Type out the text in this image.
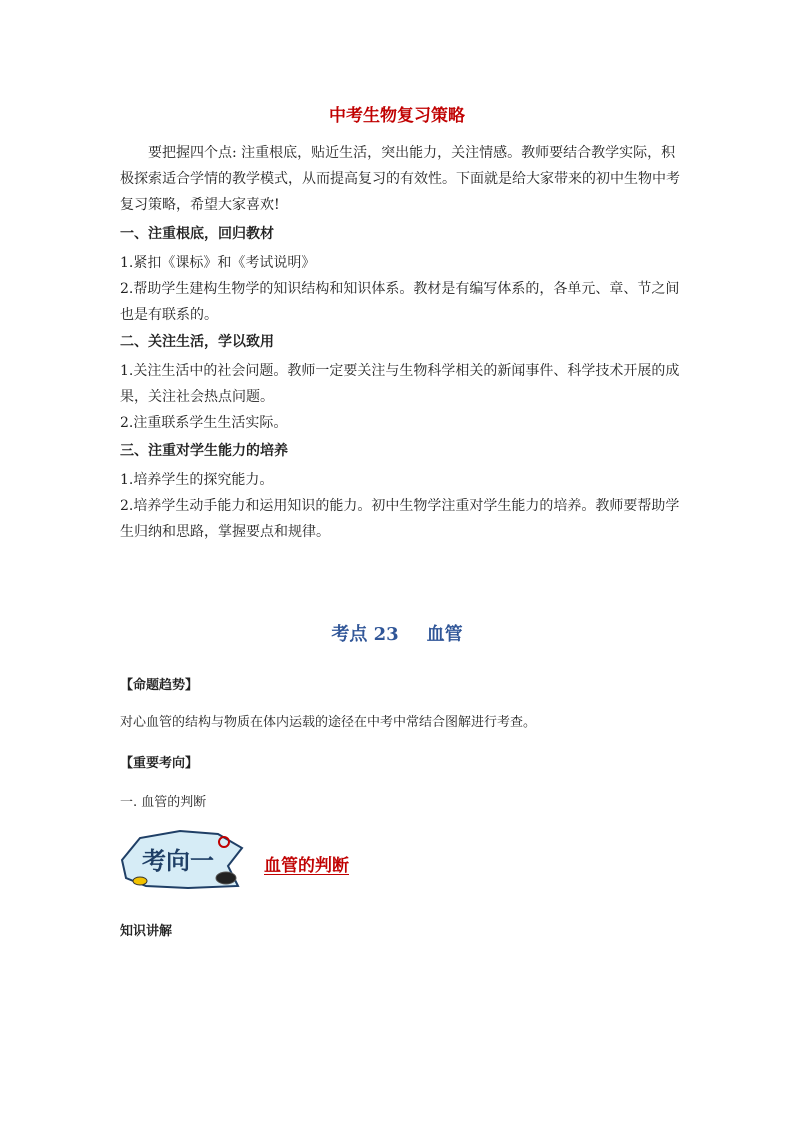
中考生物复习策略
要把握四个点: 注重根底，贴近生活，突出能力，关注情感。教师要结合教学实际，积
极探索适合学情的教学模式，从而提高复习的有效性。下面就是给大家带来的初中生物中考
复习策略，希望大家喜欢!
一、注重根底，回归教材
1.紧扣《课标》和《考试说明》
2.帮助学生建构生物学的知识结构和知识体系。教材是有编写体系的，各单元、章、节之间
也是有联系的。
二、关注生活，学以致用
1.关注生活中的社会问题。教师一定要关注与生物科学相关的新闻事件、科学技术开展的成
果，关注社会热点问题。
2.注重联系学生生活实际。
三、注重对学生能力的培养
1.培养学生的探究能力。
2.培养学生动手能力和运用知识的能力。初中生物学注重对学生能力的培养。教师要帮助学
生归纳和思路，掌握要点和规律。
考点 23 血管
【命题趋势】
对心血管的结构与物质在体内运载的途径在中考中常结合图解进行考查。
【重要考向】
一. 血管的判断
考向一	血管的判断
知识讲解
